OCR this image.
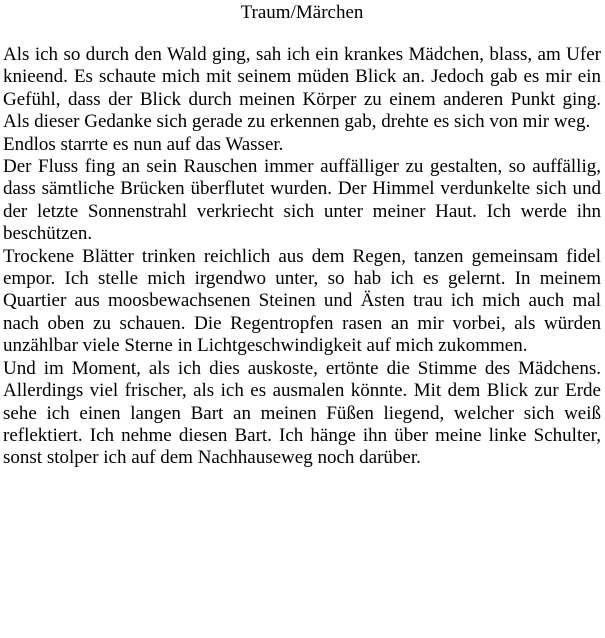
Traum/Märchen

Als ich so durch den Wald ging, sah ich ein krankes Mädchen, blass, am Ufer knieend. Es schaute mich mit seinem müden Blick an. Jedoch gab es mir ein Gefühl, dass der Blick durch meinen Körper zu einem anderen Punkt ging. Als dieser Gedanke sich gerade zu erkennen gab, drehte es sich von mir weg.

Endlos starrte es nun auf das Wasser.

Der Fluss fing an sein Rauschen immer auffälliger zu gestalten, so auffällig, dass sämtliche Brücken überflutet wurden. Der Himmel verdunkelte sich und der letzte Sonnenstrahl verkriecht sich unter meiner Haut. Ich werde ihn beschützen.

Trockene Blätter trinken reichlich aus dem Regen, tanzen gemeinsam fidel empor. Ich stelle mich irgendwo unter, so hab ich es gelernt. In meinem Quartier aus moosbewachsenen Steinen und Ästen trau ich mich auch mal nach oben zu schauen. Die Regentropfen rasen an mir vorbei, als würden unzählbar viele Sterne in Lichtgeschwindigkeit auf mich zukommen.

Und im Moment, als ich dies auskoste, ertönte die Stimme des Mädchens. Allerdings viel frischer, als ich es ausmalen könnte. Mit dem Blick zur Erde sehe ich einen langen Bart an meinen Füßen liegend, welcher sich weiß reflektiert. Ich nehme diesen Bart. Ich hänge ihn über meine linke Schulter, sonst stolper ich auf dem Nachhauseweg noch darüber.
